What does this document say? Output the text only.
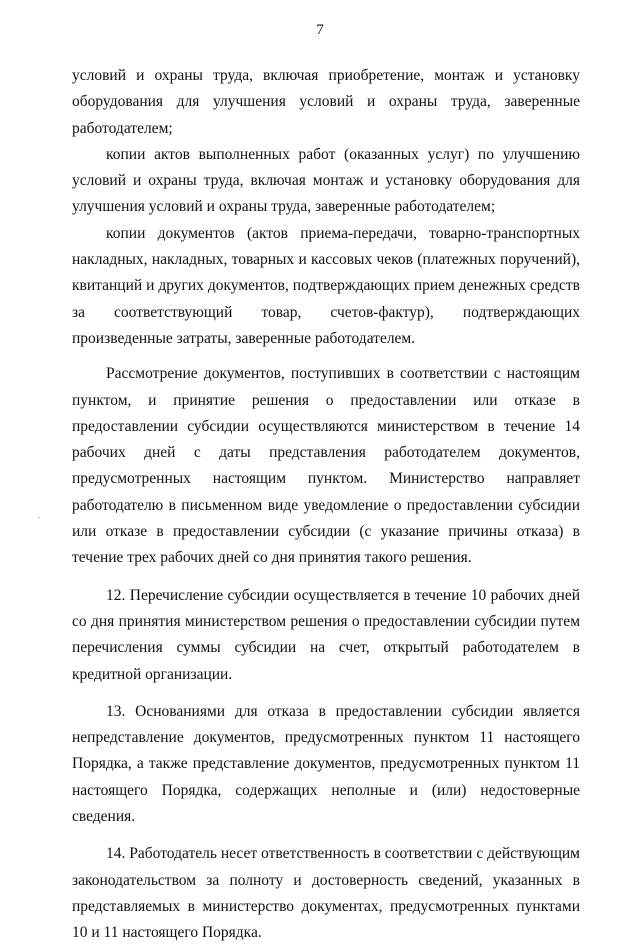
7

условий и охраны труда, включая приобретение, монтаж и установку оборудования для улучшения условий и охраны труда, заверенные работодателем;

копии актов выполненных работ (оказанных услуг) по улучшению условий и охраны труда, включая монтаж и установку оборудования для улучшения условий и охраны труда, заверенные работодателем;

копии документов (актов приема-передачи, товарно-транспортных накладных, накладных, товарных и кассовых чеков (платежных поручений), квитанций и других документов, подтверждающих прием денежных средств за соответствующий товар, счетов-фактур), подтверждающих произведенные затраты, заверенные работодателем.

Рассмотрение документов, поступивших в соответствии с настоящим пунктом, и принятие решения о предоставлении или отказе в предоставлении субсидии осуществляются министерством в течение 14 рабочих дней с даты представления работодателем документов, предусмотренных настоящим пунктом. Министерство направляет работодателю в письменном виде уведомление о предоставлении субсидии или отказе в предоставлении субсидии (с указание причины отказа) в течение трех рабочих дней со дня принятия такого решения.

12. Перечисление субсидии осуществляется в течение 10 рабочих дней со дня принятия министерством решения о предоставлении субсидии путем перечисления суммы субсидии на счет, открытый работодателем в кредитной организации.

13. Основаниями для отказа в предоставлении субсидии является непредставление документов, предусмотренных пунктом 11 настоящего Порядка, а также представление документов, предусмотренных пунктом 11 настоящего Порядка, содержащих неполные и (или) недостоверные сведения.

14. Работодатель несет ответственность в соответствии с действующим законодательством за полноту и достоверность сведений, указанных в представляемых в министерство документах, предусмотренных пунктами 10 и 11 настоящего Порядка.
